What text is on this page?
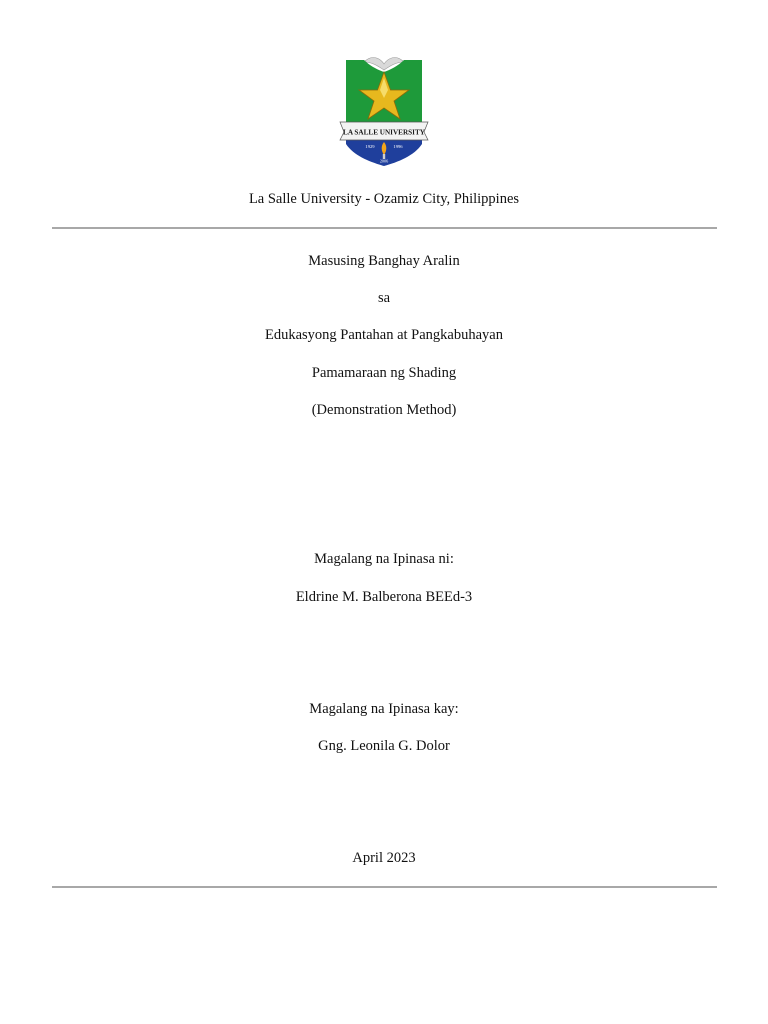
LA SALLE UNIVERSITY
1929	1996
2006
La Salle University - Ozamiz City, Philippines
Masusing Banghay Aralin
sa
Edukasyong Pantahan at Pangkabuhayan
Pamamaraan ng Shading
(Demonstration Method)
Magalang na Ipinasa ni:
Eldrine M. Balberona BEEd-3
Magalang na Ipinasa kay:
Gng. Leonila G. Dolor
April 2023
